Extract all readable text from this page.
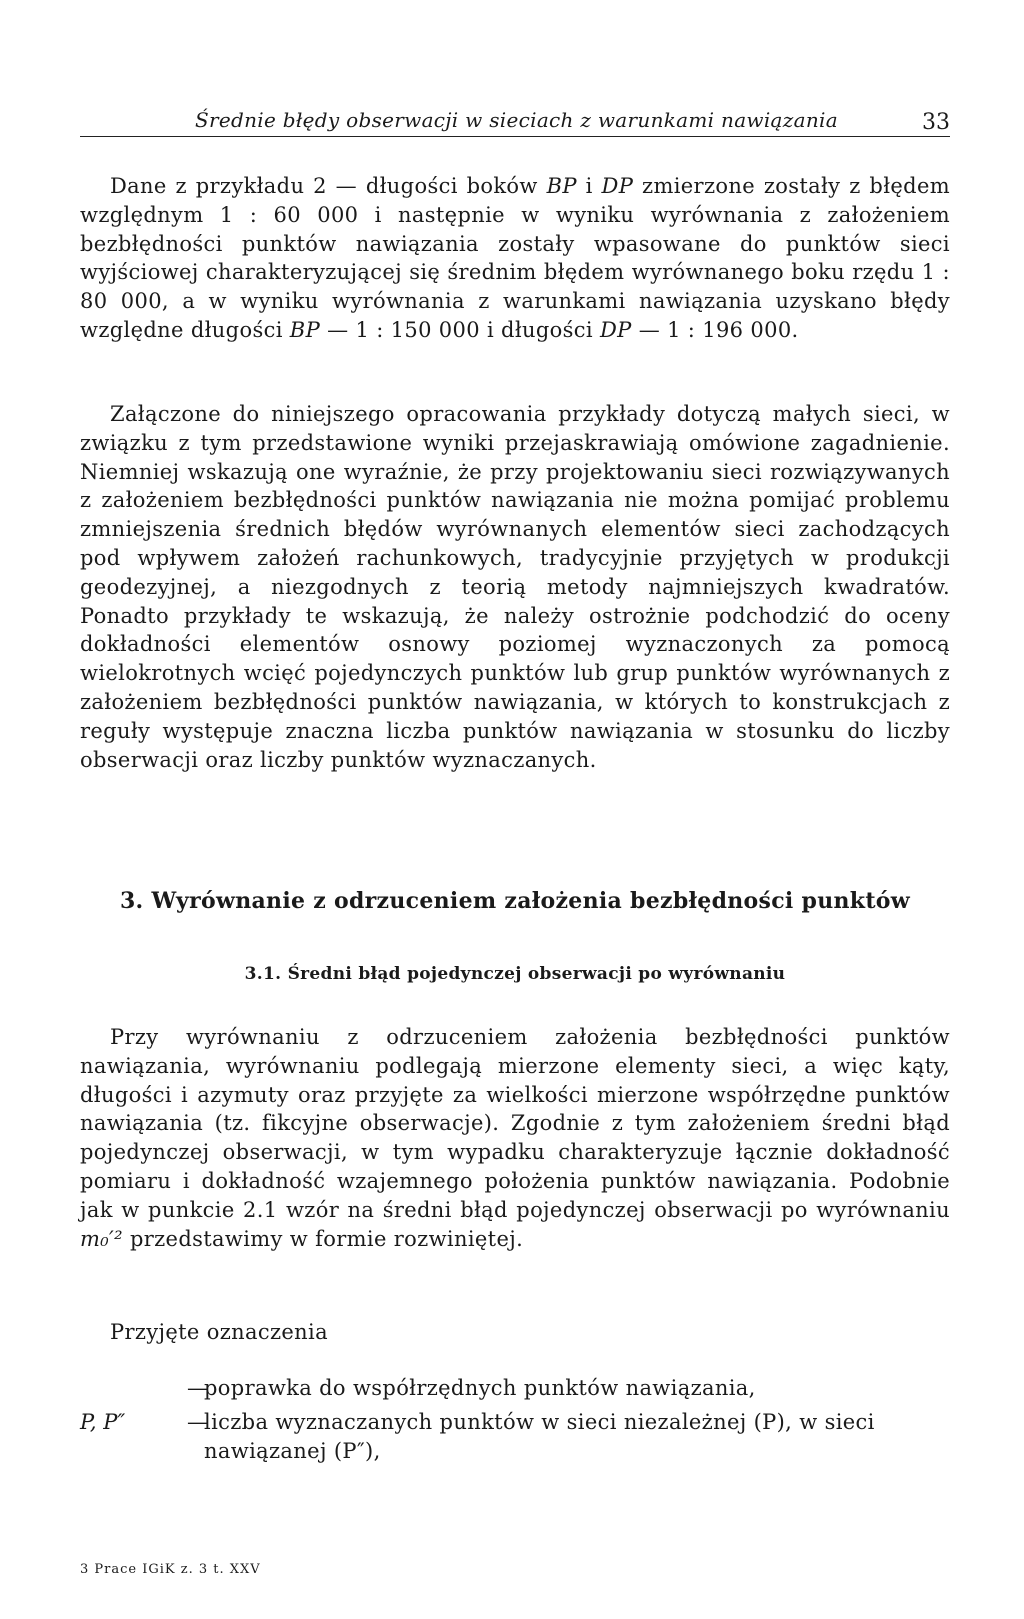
Średnie błędy obserwacji w sieciach z warunkami nawiązania	33

Dane z przykładu 2 — długości boków BP i DP zmierzone zostały z błędem względnym 1 : 60 000 i następnie w wyniku wyrównania z założeniem bezbłędności punktów nawiązania zostały wpasowane do punktów sieci wyjściowej charakteryzującej się średnim błędem wyrównanego boku rzędu 1 : 80 000, a w wyniku wyrównania z warunkami nawiązania uzyskano błędy względne długości BP — 1 : 150 000 i długości DP — 1 : 196 000.

Załączone do niniejszego opracowania przykłady dotyczą małych sieci, w związku z tym przedstawione wyniki przejaskrawiają omówione zagadnienie. Niemniej wskazują one wyraźnie, że przy projektowaniu sieci rozwiązywanych z założeniem bezbłędności punktów nawiązania nie można pomijać problemu zmniejszenia średnich błędów wyrównanych elementów sieci zachodzących pod wpływem założeń rachunkowych, tradycyjnie przyjętych w produkcji geodezyjnej, a niezgodnych z teorią metody najmniejszych kwadratów. Ponadto przykłady te wskazują, że należy ostrożnie podchodzić do oceny dokładności elementów osnowy poziomej wyznaczonych za pomocą wielokrotnych wcięć pojedynczych punktów lub grup punktów wyrównanych z założeniem bezbłędności punktów nawiązania, w których to konstrukcjach z reguły występuje znaczna liczba punktów nawiązania w stosunku do liczby obserwacji oraz liczby punktów wyznaczanych.

3. Wyrównanie z odrzuceniem założenia bezbłędności punktów
3.1. Średni błąd pojedynczej obserwacji po wyrównaniu

Przy wyrównaniu z odrzuceniem założenia bezbłędności punktów nawiązania, wyrównaniu podlegają mierzone elementy sieci, a więc kąty, długości i azymuty oraz przyjęte za wielkości mierzone współrzędne punktów nawiązania (tz. fikcyjne obserwacje). Zgodnie z tym założeniem średni błąd pojedynczej obserwacji, w tym wypadku charakteryzuje łącznie dokładność pomiaru i dokładność wzajemnego położenia punktów nawiązania. Podobnie jak w punkcie 2.1 wzór na średni błąd pojedynczej obserwacji po wyrównaniu m₀′² przedstawimy w formie rozwiniętej.

Przyjęte oznaczenia
—
poprawka do współrzędnych punktów nawiązania,
P, P″	—
liczba wyznaczanych punktów w sieci niezależnej (P), w sieci nawiązanej (P″),
3 Prace IGiK z. 3 t. XXV
